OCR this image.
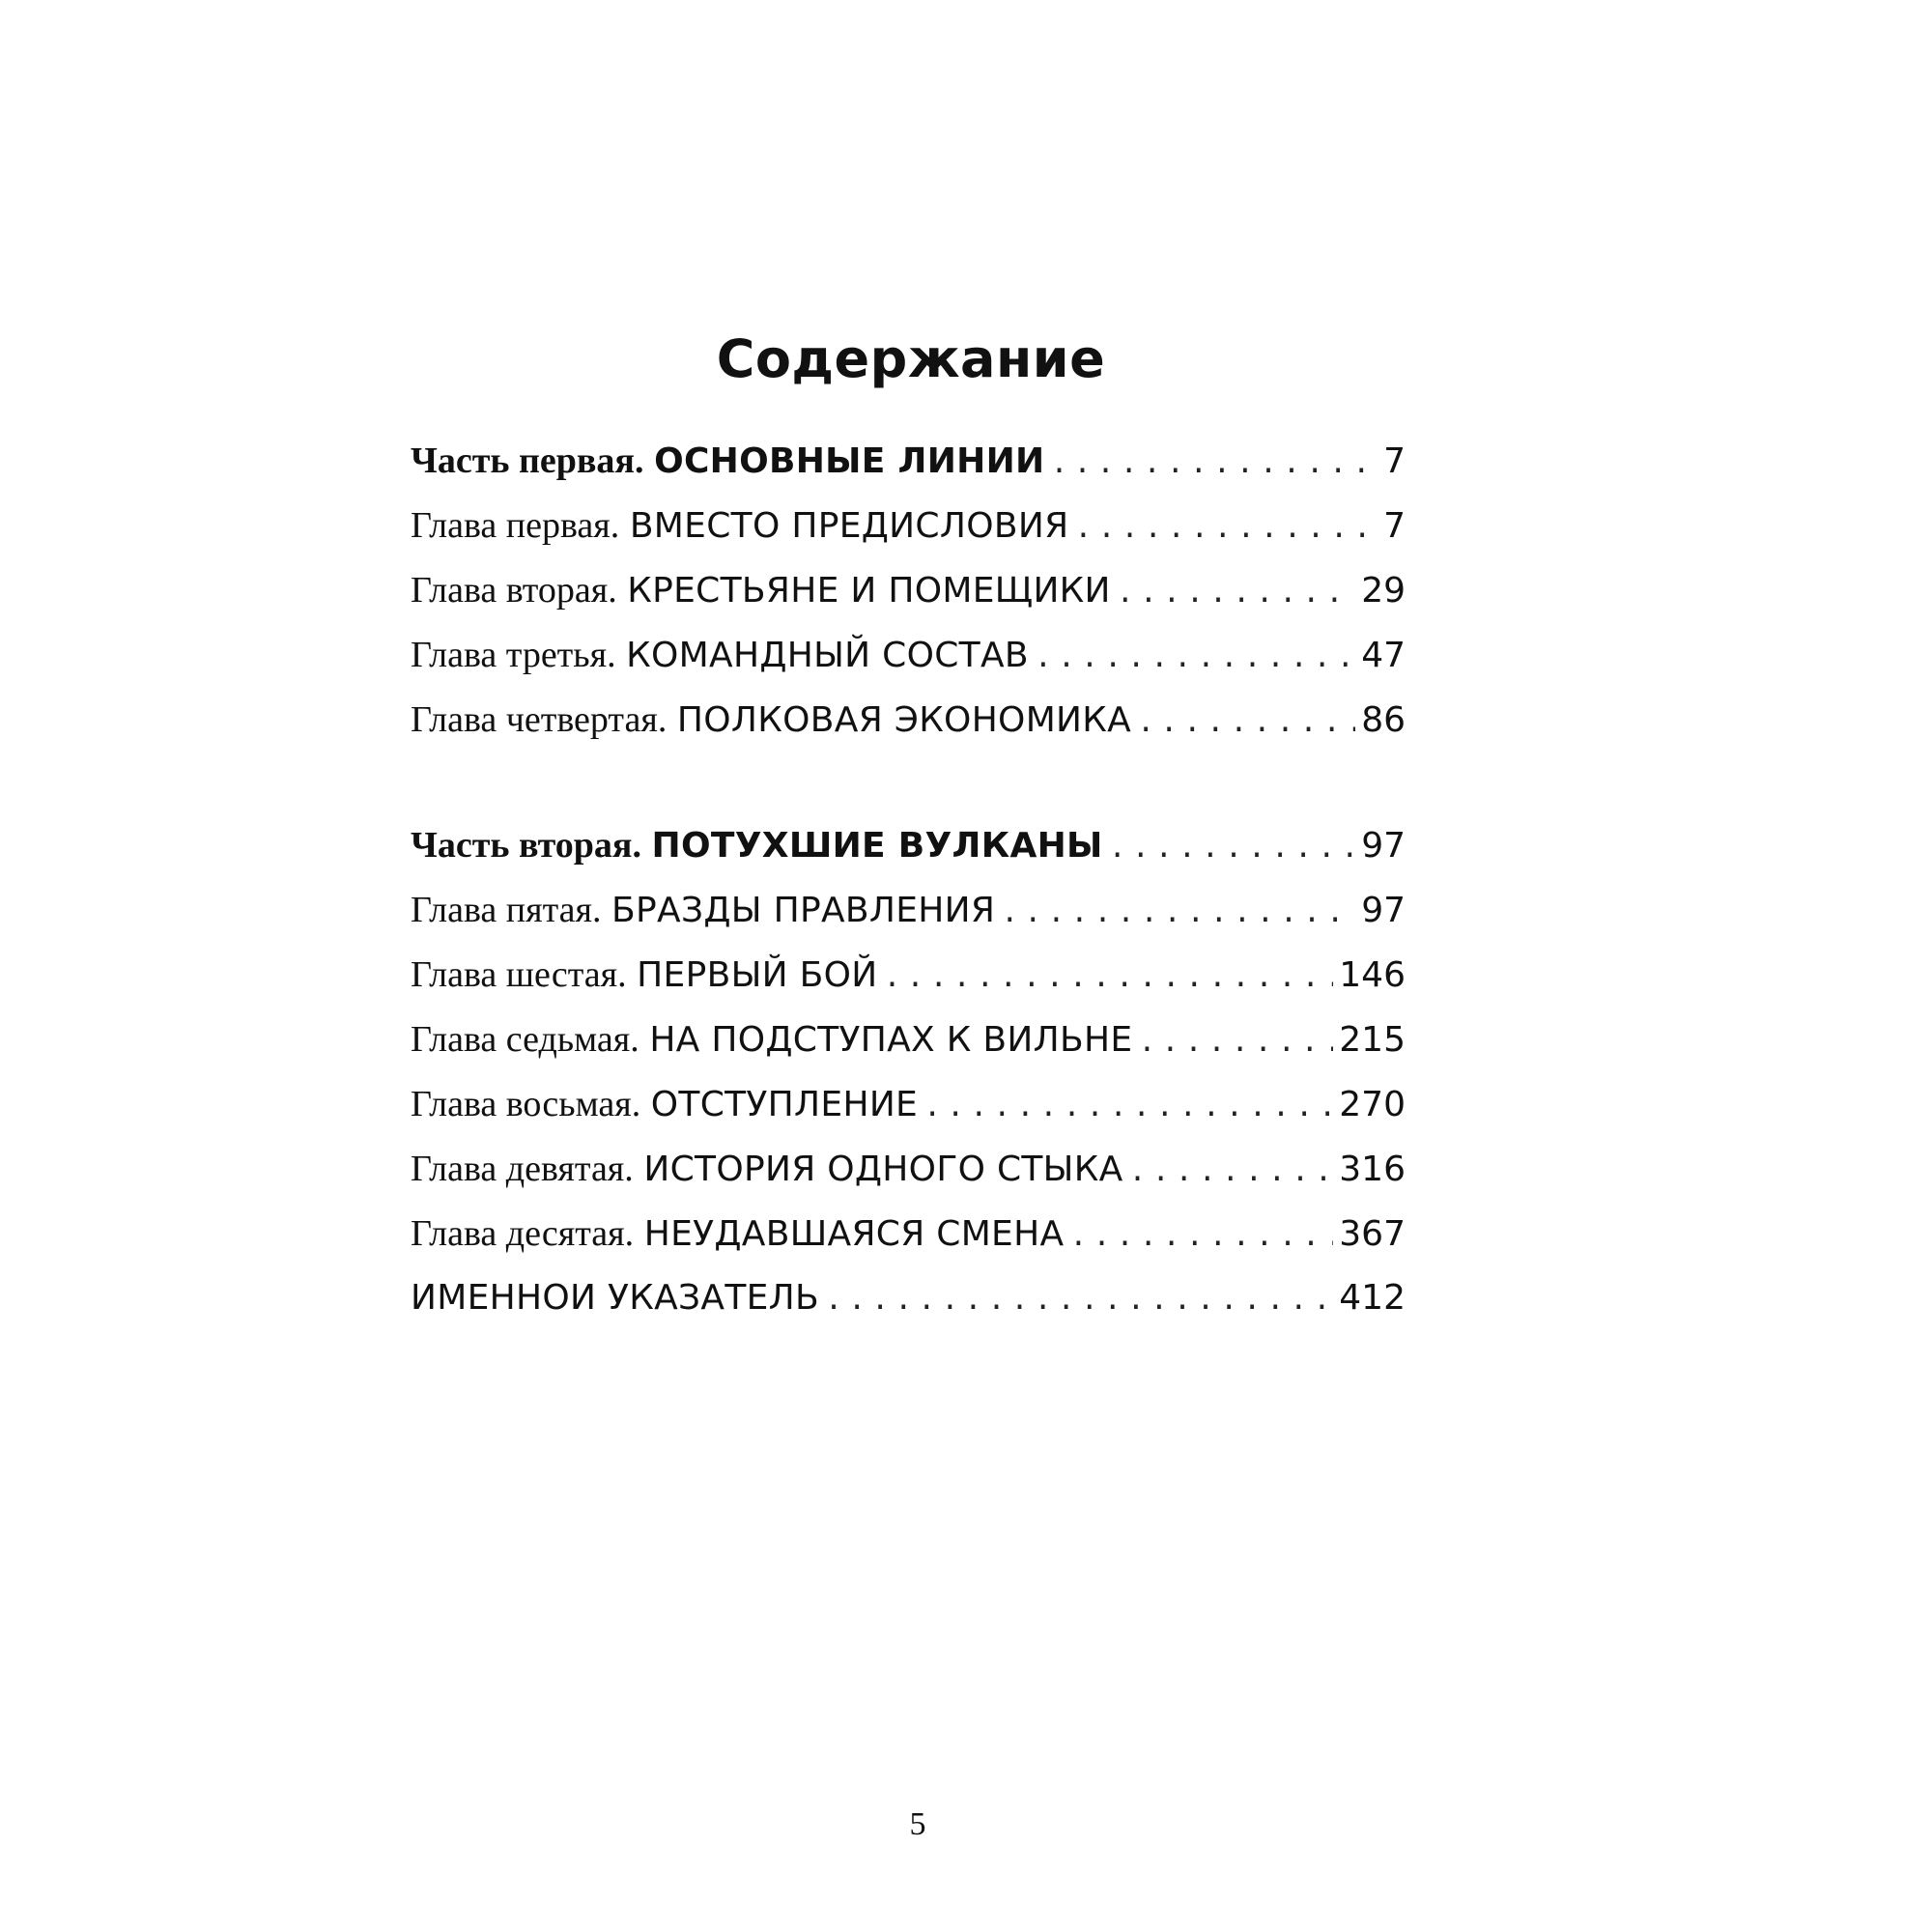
Содержание
Часть первая. ОСНОВНЫЕ ЛИНИИ .....	7
Глава первая. ВМЕСТО ПРЕДИСЛОВИЯ .....	7
Глава вторая. КРЕСТЬЯНЕ И ПОМЕЩИКИ .....	29
Глава третья. КОМАНДНЫЙ СОСТАВ .....	47
Глава четвертая. ПОЛКОВАЯ ЭКОНОМИКА .....	86
Часть вторая. ПОТУХШИЕ ВУЛКАНЫ .....	97
Глава пятая. БРАЗДЫ ПРАВЛЕНИЯ .....	97
Глава шестая. ПЕРВЫЙ БОЙ .....	146
Глава седьмая. НА ПОДСТУПАХ К ВИЛЬНЕ .....	215
Глава восьмая. ОТСТУПЛЕНИЕ .....	270
Глава девятая. ИСТОРИЯ ОДНОГО СТЫКА .....	316
Глава десятая. НЕУДАВШАЯСЯ СМЕНА .....	367
ИМЕННОИ УКАЗАТЕЛЬ .....	412
5
